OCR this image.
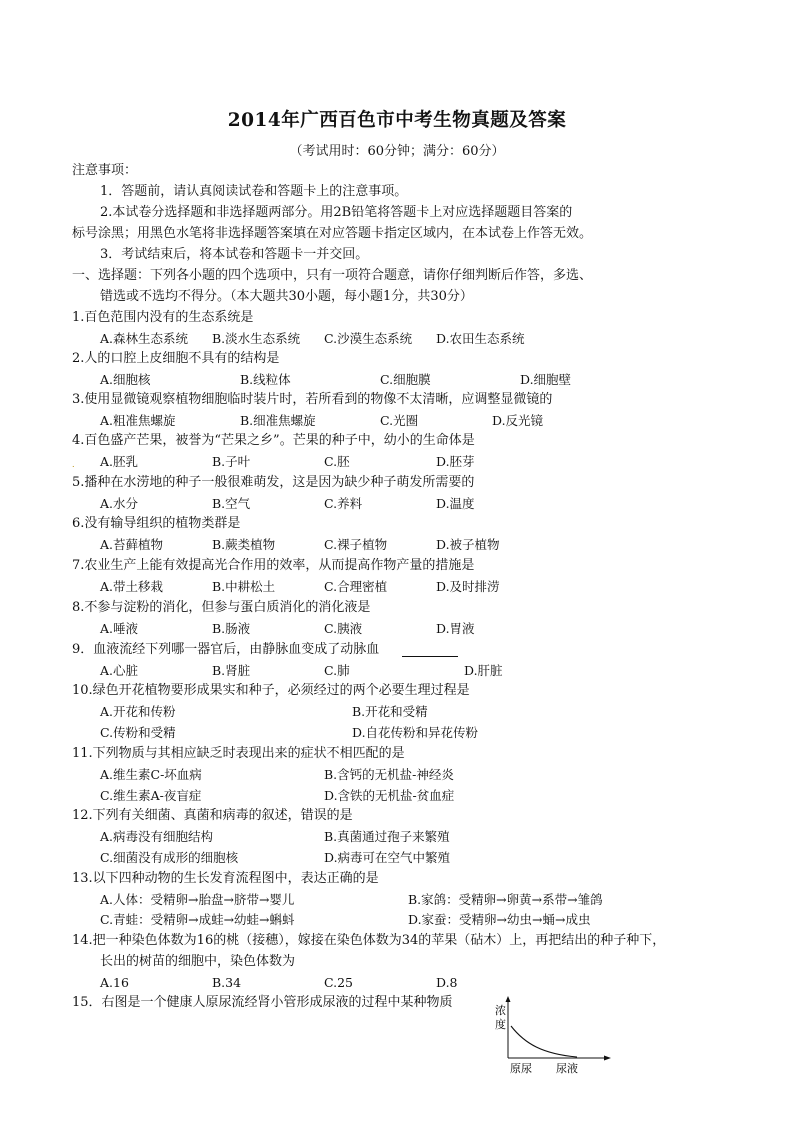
2014年广西百色市中考生物真题及答案
（考试用时：60分钟；满分：60分）
注意事项：
1．答题前，请认真阅读试卷和答题卡上的注意事项。
2.本试卷分选择题和非选择题两部分。用2B铅笔将答题卡上对应选择题题目答案的
标号涂黑；用黑色水笔将非选择题答案填在对应答题卡指定区域内，在本试卷上作答无效。
3．考试结束后，将本试卷和答题卡一并交回。
一、选择题：下列各小题的四个选项中，只有一项符合题意，请你仔细判断后作答，多选、
错选或不选均不得分。（本大题共30小题，每小题1分，共30分）
1.百色范围内没有的生态系统是
A.森林生态系统 B.淡水生态系统 C.沙漠生态系统 D.农田生态系统
2.人的口腔上皮细胞不具有的结构是
A.细胞核	B.线粒体	C.细胞膜	D.细胞壁
3.使用显微镜观察植物细胞临时装片时，若所看到的物像不太清晰，应调整显微镜的
A.粗准焦螺旋	B.细准焦螺旋	C.光圈	D.反光镜
4.百色盛产芒果，被誉为“芒果之乡”。芒果的种子中，幼小的生命体是
. A.胚乳	B.子叶	C.胚	D.胚芽
5.播种在水涝地的种子一般很难萌发，这是因为缺少种子萌发所需要的
A.水分	B.空气	C.养料	D.温度
6.没有输导组织的植物类群是
A.苔藓植物	B.蕨类植物	C.裸子植物	D.被子植物
7.农业生产上能有效提高光合作用的效率，从而提高作物产量的措施是
A.带土移栽	B.中耕松土	C.合理密植	D.及时排涝
8.不参与淀粉的消化，但参与蛋白质消化的消化液是
A.唾液	B.肠液	C.胰液	D.胃液
9．血液流经下列哪一器官后，由静脉血变成了动脉血
A.心脏	B.肾脏	C.肺	D.肝脏
10.绿色开花植物要形成果实和种子，必须经过的两个必要生理过程是
A.开花和传粉	B.开花和受精
C.传粉和受精	D.自花传粉和异花传粉
11.下列物质与其相应缺乏时表现出来的症状不相匹配的是
A.维生素C-坏血病	B.含钙的无机盐-神经炎
C.维生素A-夜盲症	D.含铁的无机盐-贫血症
12.下列有关细菌、真菌和病毒的叙述，错误的是
A.病毒没有细胞结构	B.真菌通过孢子来繁殖
C.细菌没有成形的细胞核	D.病毒可在空气中繁殖
13.以下四种动物的生长发育流程图中，表达正确的是
A.人体：受精卵→胎盘→脐带→婴儿	B.家鸽：受精卵→卵黄→系带→雏鸽
C.青蛙：受精卵→成蛙→幼蛙→蝌蚪	D.家蚕：受精卵→幼虫→蛹→成虫
14.把一种染色体数为16的桃（接穗），嫁接在染色体数为34的苹果（砧木）上，再把结出的种子种下，
长出的树苗的细胞中，染色体数为
A.16	B.34	C.25	D.8
15．右图是一个健康人原尿流经肾小管形成尿液的过程中某种物质
浓
度
原尿 尿液
